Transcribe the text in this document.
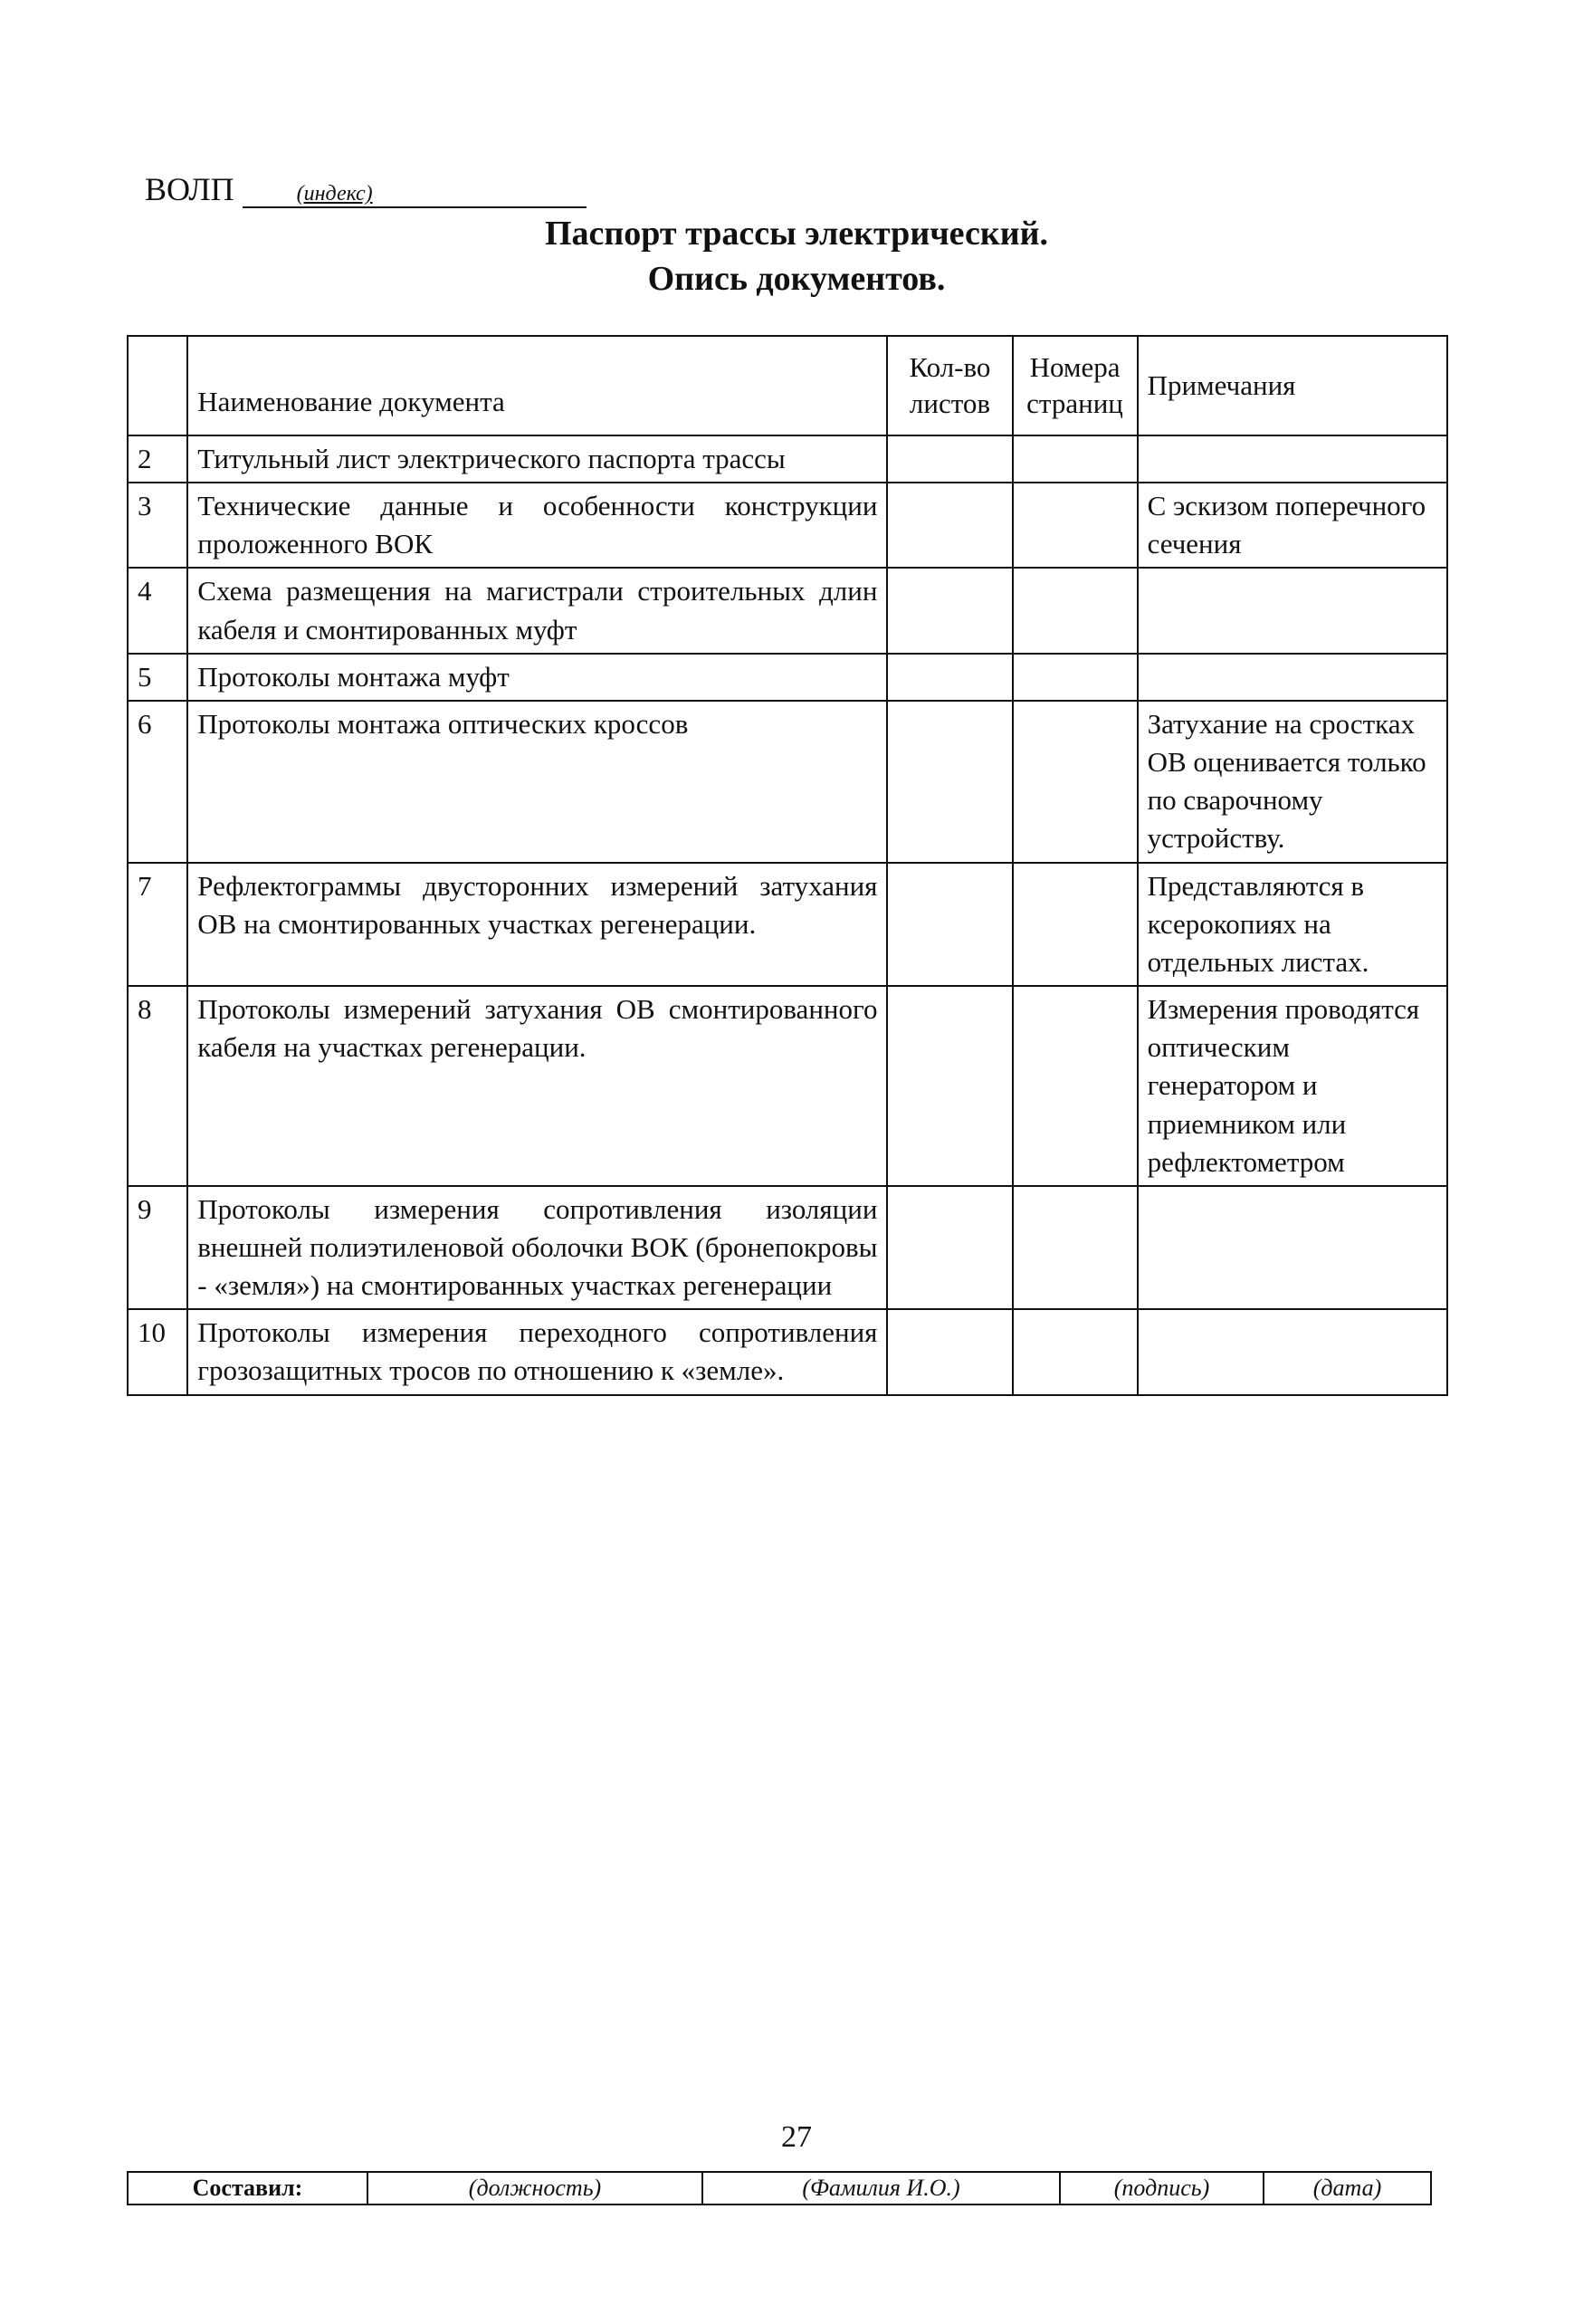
ВОЛП	(индекс)
Паспорт трассы электрический.
Опись документов.
	Наименование документа	Кол-во листов	Номера страниц	Примечания
2	Титульный лист электрического паспорта трассы			
3	Технические данные и особенности конструкции проложенного ВОК			С эскизом поперечного сечения
4	Схема размещения на магистрали строительных длин кабеля и смонтированных муфт			
5	Протоколы монтажа муфт			
6	Протоколы монтажа оптических кроссов			Затухание на сростках ОВ оценивается только по сварочному устройству.
7	Рефлектограммы двусторонних измерений затухания ОВ на смонтированных участках регенерации.			Представляются в ксерокопиях на отдельных листах.
8	Протоколы измерений затухания ОВ смонтированного кабеля на участках регенерации.			Измерения проводятся оптическим генератором и приемником или рефлектометром
9	Протоколы измерения сопротивления изоляции внешней полиэтиленовой оболочки ВОК (бронепокровы - «земля») на смонтированных участках регенерации			
10	Протоколы измерения переходного сопротивления грозозащитных тросов по отношению к «земле».			
27
Составил:	(должность)	(Фамилия И.О.)	(подпись)	(дата)
